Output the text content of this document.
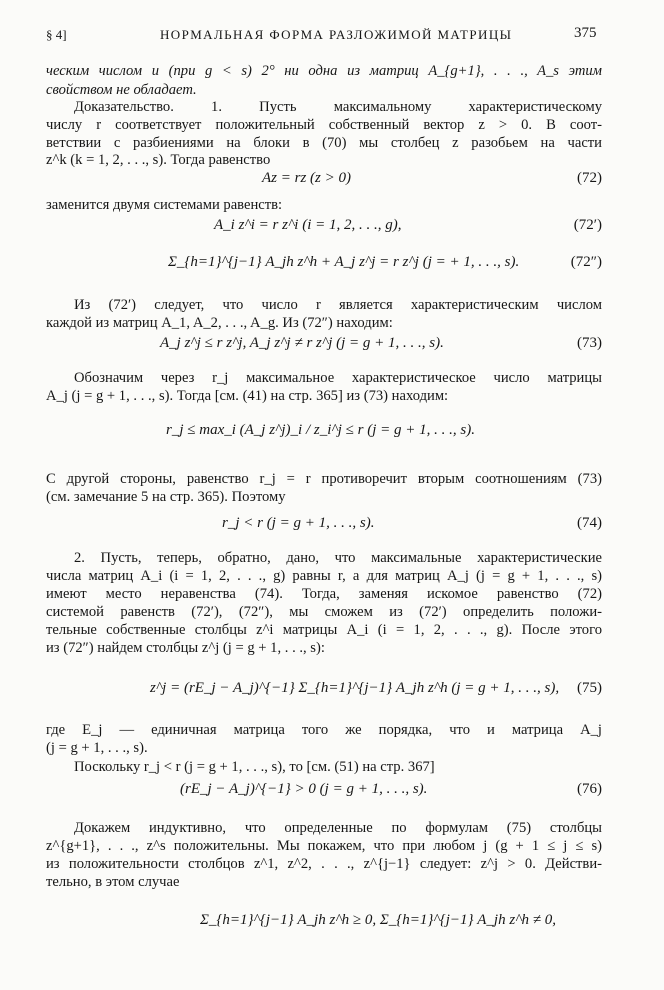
§ 4]	НОРМАЛЬНАЯ ФОРМА РАЗЛОЖИМОЙ МАТРИЦЫ	375
ческим числом и (при g < s) 2° ни одна из матриц A_{g+1}, . . ., A_s этим
свойством не обладает.
Доказательство. 1. Пусть максимальному характеристическому
числу r соответствует положительный собственный вектор z > 0. В соот-
ветствии с разбиениями на блоки в (70) мы столбец z разобьем на части
z^k (k = 1, 2, . . ., s). Тогда равенство
Az = rz (z > 0)	(72)
заменится двумя системами равенств:
A_i z^i = r z^i (i = 1, 2, . . ., g),	(72′)
Σ_{h=1}^{j−1} A_jh z^h + A_j z^j = r z^j (j = + 1, . . ., s).	(72″)
Из (72′) следует, что число r является характеристическим числом
каждой из матриц A_1, A_2, . . ., A_g. Из (72″) находим:
A_j z^j ≤ r z^j, A_j z^j ≠ r z^j (j = g + 1, . . ., s).	(73)
Обозначим через r_j максимальное характеристическое число матрицы
A_j (j = g + 1, . . ., s). Тогда [см. (41) на стр. 365] из (73) находим:
r_j ≤ max_i (A_j z^j)_i / z_i^j ≤ r (j = g + 1, . . ., s).
С другой стороны, равенство r_j = r противоречит вторым соотношениям (73)
(см. замечание 5 на стр. 365). Поэтому
r_j < r (j = g + 1, . . ., s).	(74)
2. Пусть, теперь, обратно, дано, что максимальные характеристические
числа матриц A_i (i = 1, 2, . . ., g) равны r, а для матриц A_j (j = g + 1, . . ., s)
имеют место неравенства (74). Тогда, заменяя искомое равенство (72)
системой равенств (72′), (72″), мы сможем из (72′) определить положи-
тельные собственные столбцы z^i матрицы A_i (i = 1, 2, . . ., g). После этого
из (72″) найдем столбцы z^j (j = g + 1, . . ., s):
z^j = (rE_j − A_j)^{−1} Σ_{h=1}^{j−1} A_jh z^h (j = g + 1, . . ., s), (75)
где E_j — единичная матрица того же порядка, что и матрица A_j
(j = g + 1, . . ., s).
Поскольку r_j < r (j = g + 1, . . ., s), то [см. (51) на стр. 367]
(rE_j − A_j)^{−1} > 0 (j = g + 1, . . ., s).	(76)
Докажем индуктивно, что определенные по формулам (75) столбцы
z^{g+1}, . . ., z^s положительны. Мы покажем, что при любом j (g + 1 ≤ j ≤ s)
из положительности столбцов z^1, z^2, . . ., z^{j−1} следует: z^j > 0. Действи-
тельно, в этом случае
Σ_{h=1}^{j−1} A_jh z^h ≥ 0, Σ_{h=1}^{j−1} A_jh z^h ≠ 0,
